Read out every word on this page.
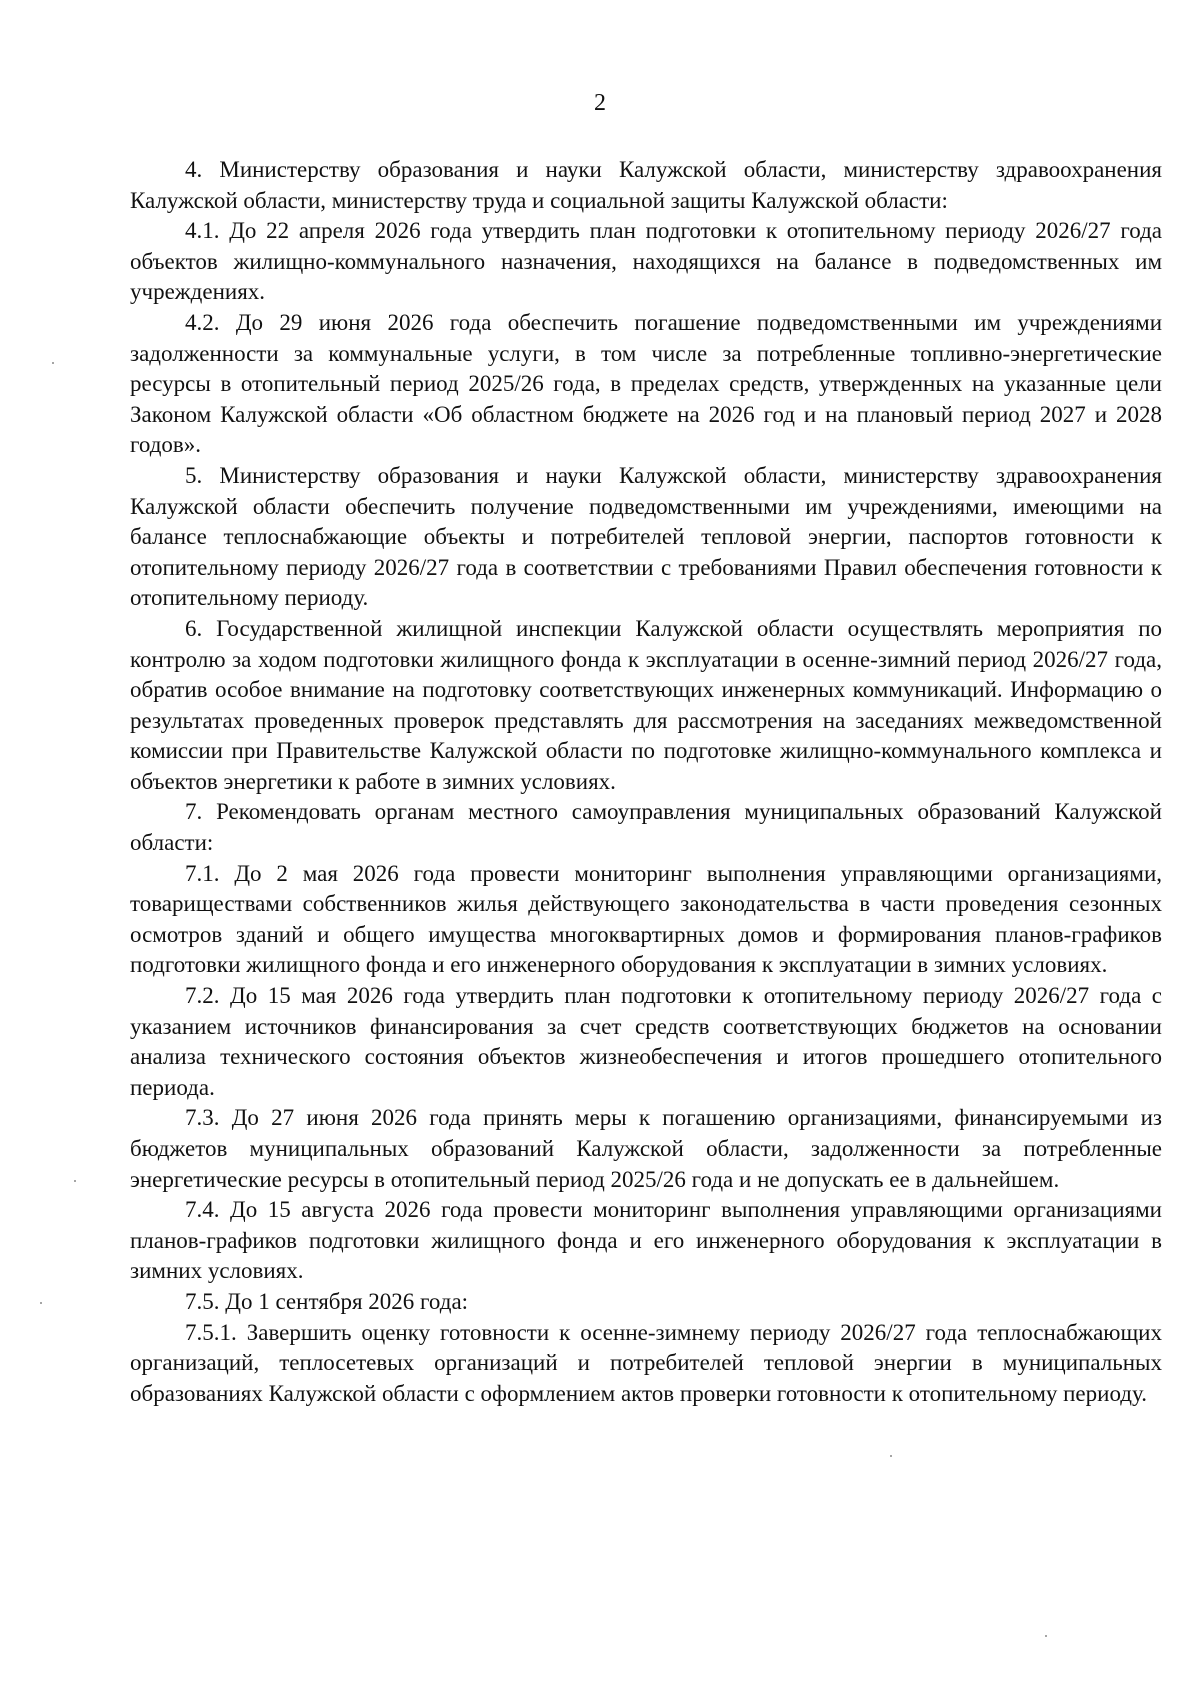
2

4. Министерству образования и науки Калужской области, министерству здравоохранения Калужской области, министерству труда и социальной защиты Калужской области:

4.1. До 22 апреля 2026 года утвердить план подготовки к отопительному периоду 2026/27 года объектов жилищно-коммунального назначения, находящихся на балансе в подведомственных им учреждениях.

4.2. До 29 июня 2026 года обеспечить погашение подведомственными им учреждениями задолженности за коммунальные услуги, в том числе за потребленные топливно-энергетические ресурсы в отопительный период 2025/26 года, в пределах средств, утвержденных на указанные цели Законом Калужской области «Об областном бюджете на 2026 год и на плановый период 2027 и 2028 годов».

5. Министерству образования и науки Калужской области, министерству здравоохранения Калужской области обеспечить получение подведомственными им учреждениями, имеющими на балансе теплоснабжающие объекты и потребителей тепловой энергии, паспортов готовности к отопительному периоду 2026/27 года в соответствии с требованиями Правил обеспечения готовности к отопительному периоду.

6. Государственной жилищной инспекции Калужской области осуществлять мероприятия по контролю за ходом подготовки жилищного фонда к эксплуатации в осенне-зимний период 2026/27 года, обратив особое внимание на подготовку соответствующих инженерных коммуникаций. Информацию о результатах проведенных проверок представлять для рассмотрения на заседаниях межведомственной комиссии при Правительстве Калужской области по подготовке жилищно-коммунального комплекса и объектов энергетики к работе в зимних условиях.

7. Рекомендовать органам местного самоуправления муниципальных образований Калужской области:

7.1. До 2 мая 2026 года провести мониторинг выполнения управляющими организациями, товариществами собственников жилья действующего законодательства в части проведения сезонных осмотров зданий и общего имущества многоквартирных домов и формирования планов-графиков подготовки жилищного фонда и его инженерного оборудования к эксплуатации в зимних условиях.

7.2. До 15 мая 2026 года утвердить план подготовки к отопительному периоду 2026/27 года с указанием источников финансирования за счет средств соответствующих бюджетов на основании анализа технического состояния объектов жизнеобеспечения и итогов прошедшего отопительного периода.

7.3. До 27 июня 2026 года принять меры к погашению организациями, финансируемыми из бюджетов муниципальных образований Калужской области, задолженности за потребленные энергетические ресурсы в отопительный период 2025/26 года и не допускать ее в дальнейшем.

7.4. До 15 августа 2026 года провести мониторинг выполнения управляющими организациями планов-графиков подготовки жилищного фонда и его инженерного оборудования к эксплуатации в зимних условиях.

7.5. До 1 сентября 2026 года:

7.5.1. Завершить оценку готовности к осенне-зимнему периоду 2026/27 года теплоснабжающих организаций, теплосетевых организаций и потребителей тепловой энергии в муниципальных образованиях Калужской области с оформлением актов проверки готовности к отопительному периоду.
